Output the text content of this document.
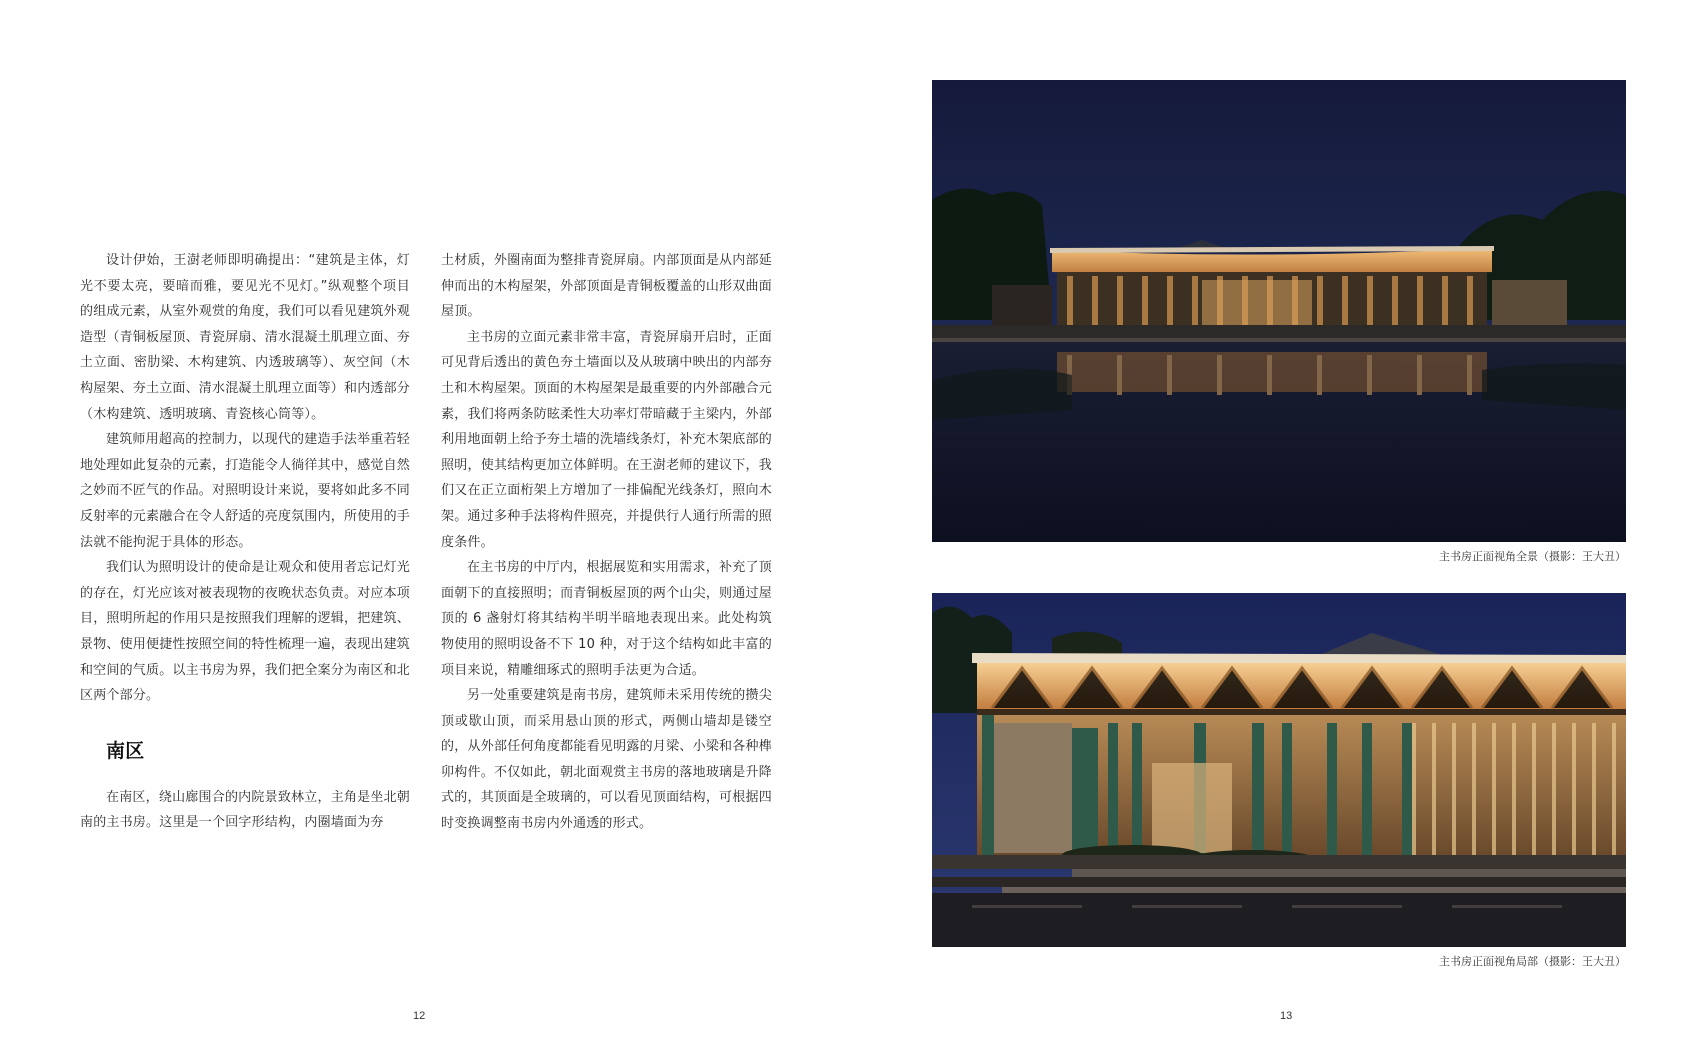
设计伊始，王澍老师即明确提出：“建筑是主体，灯光不要太亮，要暗而雅，要见光不见灯。”纵观整个项目的组成元素，从室外观赏的角度，我们可以看见建筑外观造型（青铜板屋顶、青瓷屏扇、清水混凝土肌理立面、夯土立面、密肋梁、木构建筑、内透玻璃等）、灰空间（木构屋架、夯土立面、清水混凝土肌理立面等）和内透部分（木构建筑、透明玻璃、青瓷核心筒等）。

建筑师用超高的控制力，以现代的建造手法举重若轻地处理如此复杂的元素，打造能令人徜徉其中，感觉自然之妙而不匠气的作品。对照明设计来说，要将如此多不同反射率的元素融合在令人舒适的亮度氛围内，所使用的手法就不能拘泥于具体的形态。

我们认为照明设计的使命是让观众和使用者忘记灯光的存在，灯光应该对被表现物的夜晚状态负责。对应本项目，照明所起的作用只是按照我们理解的逻辑，把建筑、景物、使用便捷性按照空间的特性梳理一遍，表现出建筑和空间的气质。以主书房为界，我们把全案分为南区和北区两个部分。

南区

在南区，绕山廊围合的内院景致林立，主角是坐北朝南的主书房。这里是一个回字形结构，内圈墙面为夯

土材质，外圈南面为整排青瓷屏扇。内部顶面是从内部延伸而出的木构屋架，外部顶面是青铜板覆盖的山形双曲面屋顶。

主书房的立面元素非常丰富，青瓷屏扇开启时，正面可见背后透出的黄色夯土墙面以及从玻璃中映出的内部夯土和木构屋架。顶面的木构屋架是最重要的内外部融合元素，我们将两条防眩柔性大功率灯带暗藏于主梁内，外部利用地面朝上给予夯土墙的洗墙线条灯，补充木架底部的照明，使其结构更加立体鲜明。在王澍老师的建议下，我们又在正立面桁架上方增加了一排偏配光线条灯，照向木架。通过多种手法将构件照亮，并提供行人通行所需的照度条件。

在主书房的中厅内，根据展览和实用需求，补充了顶面朝下的直接照明；而青铜板屋顶的两个山尖，则通过屋顶的 6 盏射灯将其结构半明半暗地表现出来。此处构筑物使用的照明设备不下 10 种，对于这个结构如此丰富的项目来说，精雕细琢式的照明手法更为合适。

另一处重要建筑是南书房，建筑师未采用传统的攒尖顶或歇山顶，而采用悬山顶的形式，两侧山墙却是镂空的，从外部任何角度都能看见明露的月梁、小梁和各种榫卯构件。不仅如此，朝北面观赏主书房的落地玻璃是升降式的，其顶面是全玻璃的，可以看见顶面结构，可根据四时变换调整南书房内外通透的形式。

12
主书房正面视角全景（摄影：王大丑）
主书房正面视角局部（摄影：王大丑）
13
